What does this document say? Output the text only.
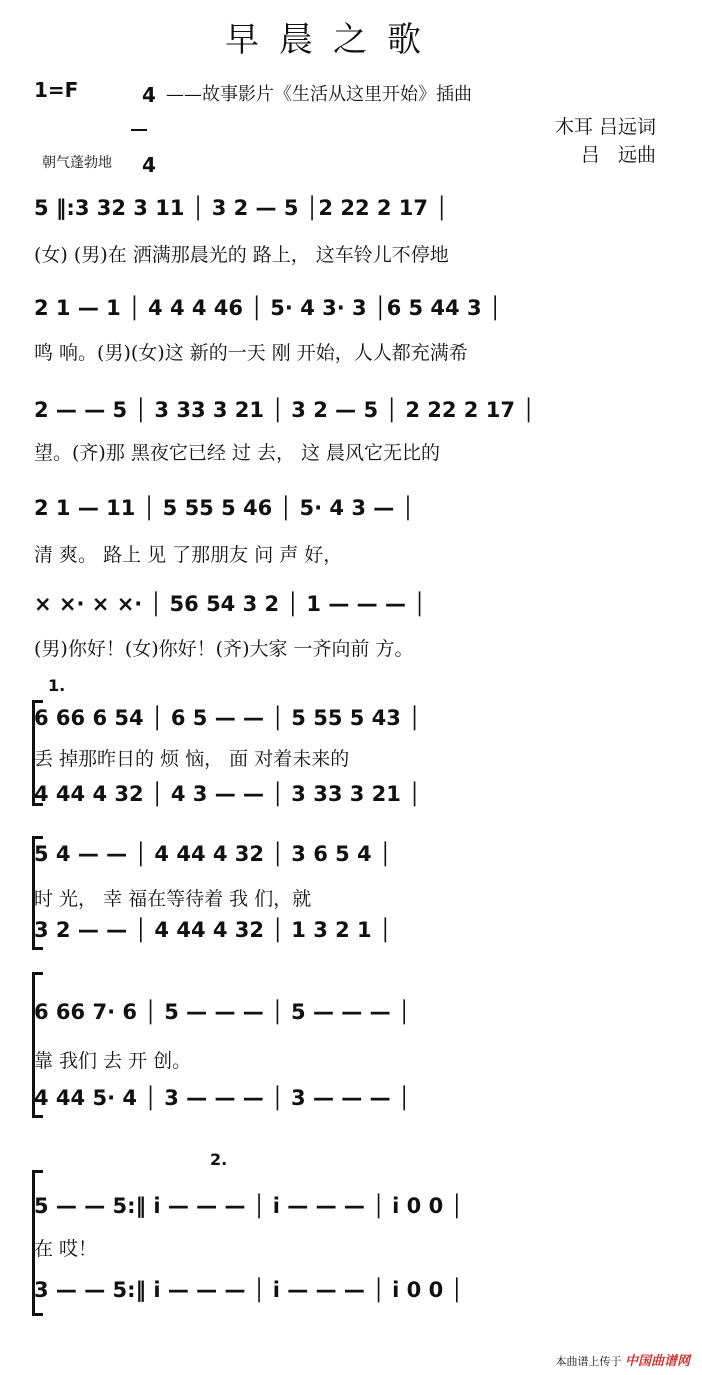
早晨之歌
1=F	4

4

——故事影片《生活从这里开始》插曲
木耳 吕远词
吕   远曲
朝气蓬勃地
5 ‖:3 32 3 11 │ 3 2 — 5 │2 22 2 17 │
(女) (男)在 洒满那晨光的 路上， 这车铃儿不停地
2 1 — 1 │ 4 4 4 46 │ 5· 4 3· 3 │6 5 44 3 │
鸣 响。(男)(女)这 新的一天 刚 开始，人人都充满希
2 — — 5 │ 3 33 3 21 │ 3 2 — 5 │ 2 22 2 17 │
望。(齐)那 黑夜它已经 过 去， 这 晨风它无比的
2 1 — 11 │ 5 55 5 46 │ 5· 4 3 — │
清 爽。 路上 见 了那朋友 问 声 好，
× ×· × ×· │ 56 54 3 2 │ 1 — — — │
(男)你好！(女)你好！(齐)大家 一齐向前 方。
6 66 6 54 │ 6 5 — — │ 5 55 5 43 │
丢 掉那昨日的 烦 恼， 面 对着未来的
4 44 4 32 │ 4 3 — — │ 3 33 3 21 │
5 4 — — │ 4 44 4 32 │ 3 6 5 4 │
时 光， 幸 福在等待着 我 们，就
3 2 — — │ 4 44 4 32 │ 1 3 2 1 │
6 66 7· 6 │ 5 — — — │ 5 — — — │
靠 我们 去 开 创。
4 44 5· 4 │ 3 — — — │ 3 — — — │
5 — — 5:‖ i — — — │ i — — — │ i 0 0 │
在 哎！
3 — — 5:‖ i — — — │ i — — — │ i 0 0 │
1.
2.
本曲谱上传于 中国曲谱网
